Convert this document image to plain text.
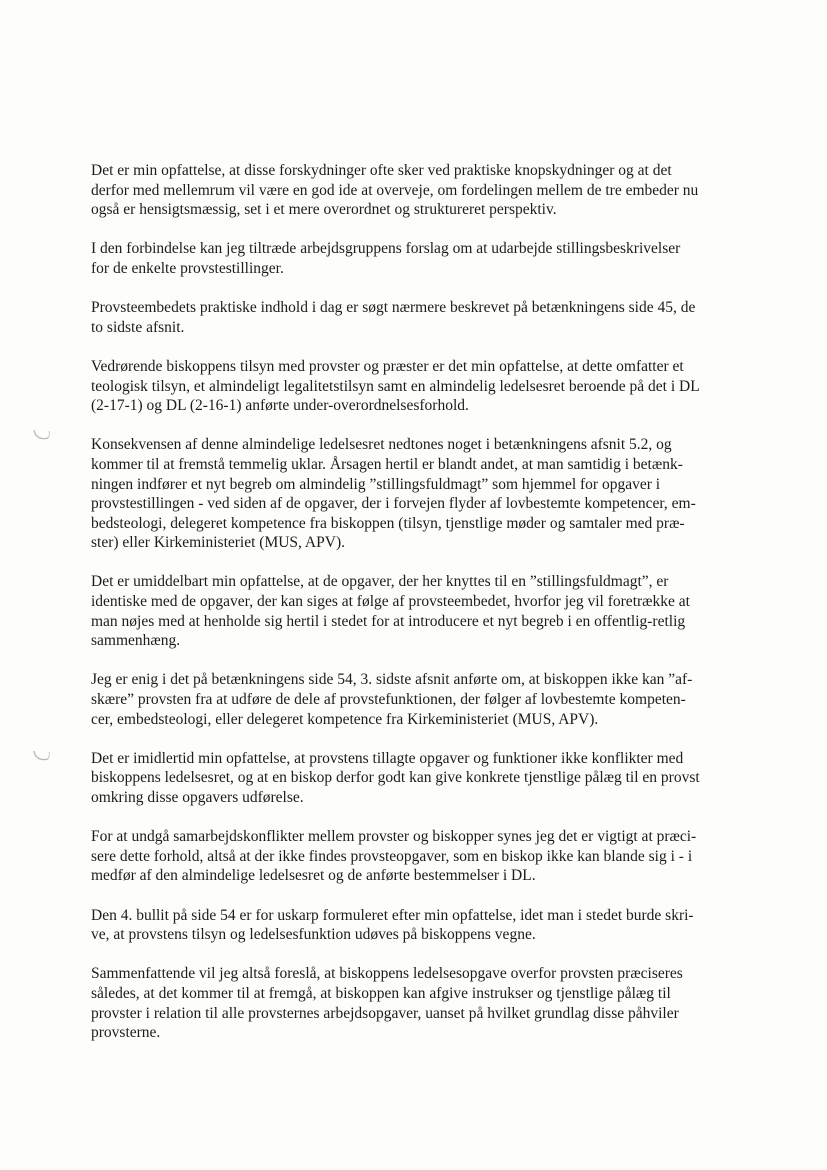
Det er min opfattelse, at disse forskydninger ofte sker ved praktiske knopskydninger og at det
derfor med mellemrum vil være en god ide at overveje, om fordelingen mellem de tre embeder nu
også er hensigtsmæssig, set i et mere overordnet og struktureret perspektiv.

I den forbindelse kan jeg tiltræde arbejdsgruppens forslag om at udarbejde stillingsbeskrivelser
for de enkelte provstestillinger.

Provsteembedets praktiske indhold i dag er søgt nærmere beskrevet på betænkningens side 45, de
to sidste afsnit.

Vedrørende biskoppens tilsyn med provster og præster er det min opfattelse, at dette omfatter et
teologisk tilsyn, et almindeligt legalitetstilsyn samt en almindelig ledelsesret beroende på det i DL
(2-17-1) og DL (2-16-1) anførte under-overordnelsesforhold.

Konsekvensen af denne almindelige ledelsesret nedtones noget i betænkningens afsnit 5.2, og
kommer til at fremstå temmelig uklar. Årsagen hertil er blandt andet, at man samtidig i betænk-
ningen indfører et nyt begreb om almindelig ”stillingsfuldmagt” som hjemmel for opgaver i
provstestillingen - ved siden af de opgaver, der i forvejen flyder af lovbestemte kompetencer, em-
bedsteologi, delegeret kompetence fra biskoppen (tilsyn, tjenstlige møder og samtaler med præ-
ster) eller Kirkeministeriet (MUS, APV).

Det er umiddelbart min opfattelse, at de opgaver, der her knyttes til en ”stillingsfuldmagt”, er
identiske med de opgaver, der kan siges at følge af provsteembedet, hvorfor jeg vil foretrække at
man nøjes med at henholde sig hertil i stedet for at introducere et nyt begreb i en offentlig-retlig
sammenhæng.

Jeg er enig i det på betænkningens side 54, 3. sidste afsnit anførte om, at biskoppen ikke kan ”af-
skære” provsten fra at udføre de dele af provstefunktionen, der følger af lovbestemte kompeten-
cer, embedsteologi, eller delegeret kompetence fra Kirkeministeriet (MUS, APV).

Det er imidlertid min opfattelse, at provstens tillagte opgaver og funktioner ikke konflikter med
biskoppens ledelsesret, og at en biskop derfor godt kan give konkrete tjenstlige pålæg til en provst
omkring disse opgavers udførelse.

For at undgå samarbejdskonflikter mellem provster og biskopper synes jeg det er vigtigt at præci-
sere dette forhold, altså at der ikke findes provsteopgaver, som en biskop ikke kan blande sig i - i
medfør af den almindelige ledelsesret og de anførte bestemmelser i DL.

Den 4. bullit på side 54 er for uskarp formuleret efter min opfattelse, idet man i stedet burde skri-
ve, at provstens tilsyn og ledelsesfunktion udøves på biskoppens vegne.

Sammenfattende vil jeg altså foreslå, at biskoppens ledelsesopgave overfor provsten præciseres
således, at det kommer til at fremgå, at biskoppen kan afgive instrukser og tjenstlige pålæg til
provster i relation til alle provsternes arbejdsopgaver, uanset på hvilket grundlag disse påhviler
provsterne.
